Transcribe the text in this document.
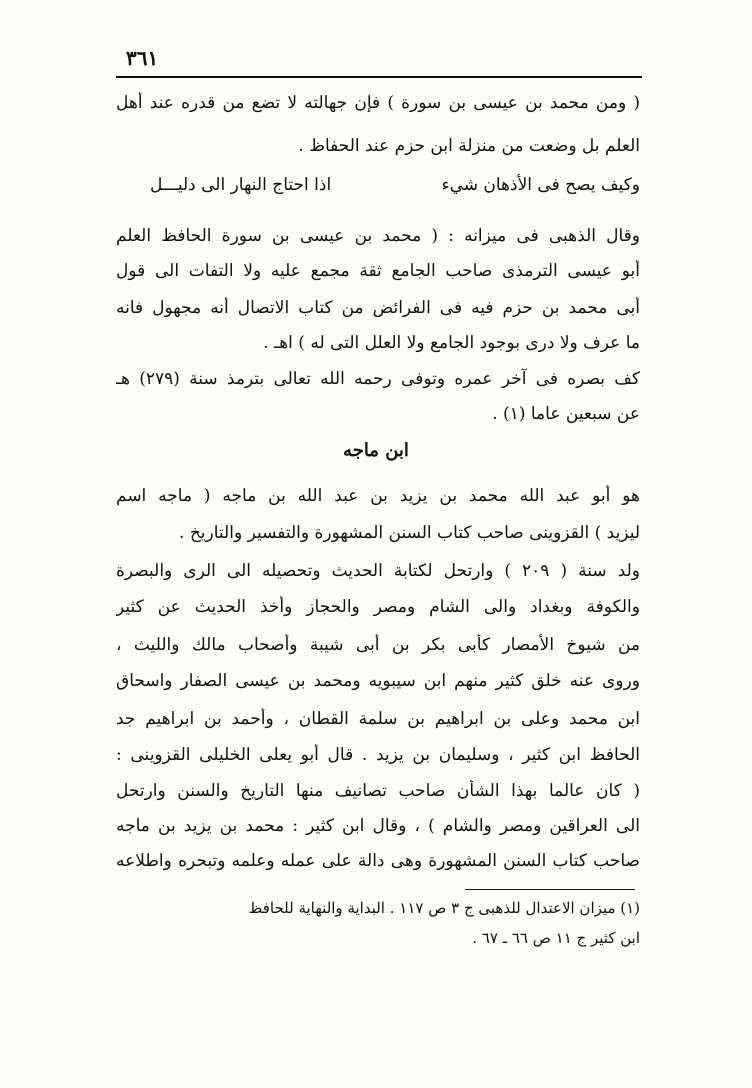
٣٦١
( ومن محمد بن عيسى بن سورة ) فإن جهالته لا تضع من قدره عند أهل
العلم بل وضعت من منزلة ابن حزم عند الحفاظ .
وكيف يصح فى الأذهان شيء
اذا احتاج النهار الى دليـــل
وقال الذهبى فى ميزانه : ( محمد بن عيسى بن سورة الحافظ العلم
أبو عيسى الترمذى صاحب الجامع ثقة مجمع عليه ولا التفات الى قول
أبى محمد بن حزم فيه فى الفرائض من كتاب الاتصال أنه مجهول فانه
ما عرف ولا درى بوجود الجامع ولا العلل التى له ) اهـ .
كف بصره فى آخر عمره وتوفى رحمه الله تعالى بترمذ سنة (٢٧٩) هـ
عن سبعين عاما (١) .
ابن ماجه
هو أبو عبد الله محمد بن يزيد بن عبد الله بن ماجه ( ماجه اسم
ليزيد ) القزوينى صاحب كتاب السنن المشهورة والتفسير والتاريخ .
ولد سنة ( ٢٠٩ ) وارتحل لكتابة الحديث وتحصيله الى الرى والبصرة
والكوفة وبغداد والى الشام ومصر والحجاز وأخذ الحديث عن كثير
من شيوخ الأمصار كأبى بكر بن أبى شيبة وأصحاب مالك والليث ،
وروى عنه خلق كثير منهم ابن سيبويه ومحمد بن عيسى الصفار واسحاق
ابن محمد وعلى بن ابراهيم بن سلمة القطان ، وأحمد بن ابراهيم جد
الحافظ ابن كثير ، وسليمان بن يزيد . قال أبو يعلى الخليلى القزوينى :
( كان عالما بهذا الشأن صاحب تصانيف منها التاريخ والسنن وارتحل
الى العراقين ومصر والشام ) ، وقال ابن كثير : محمد بن يزيد بن ماجه
صاحب كتاب السنن المشهورة وهى دالة على عمله وعلمه وتبحره واطلاعه
(١) ميزان الاعتدال للذهبى ج ٣ ص ١١٧ . البداية والنهاية للحافظ
ابن كثير ج ١١ ص ٦٦ ـ ٦٧ .
